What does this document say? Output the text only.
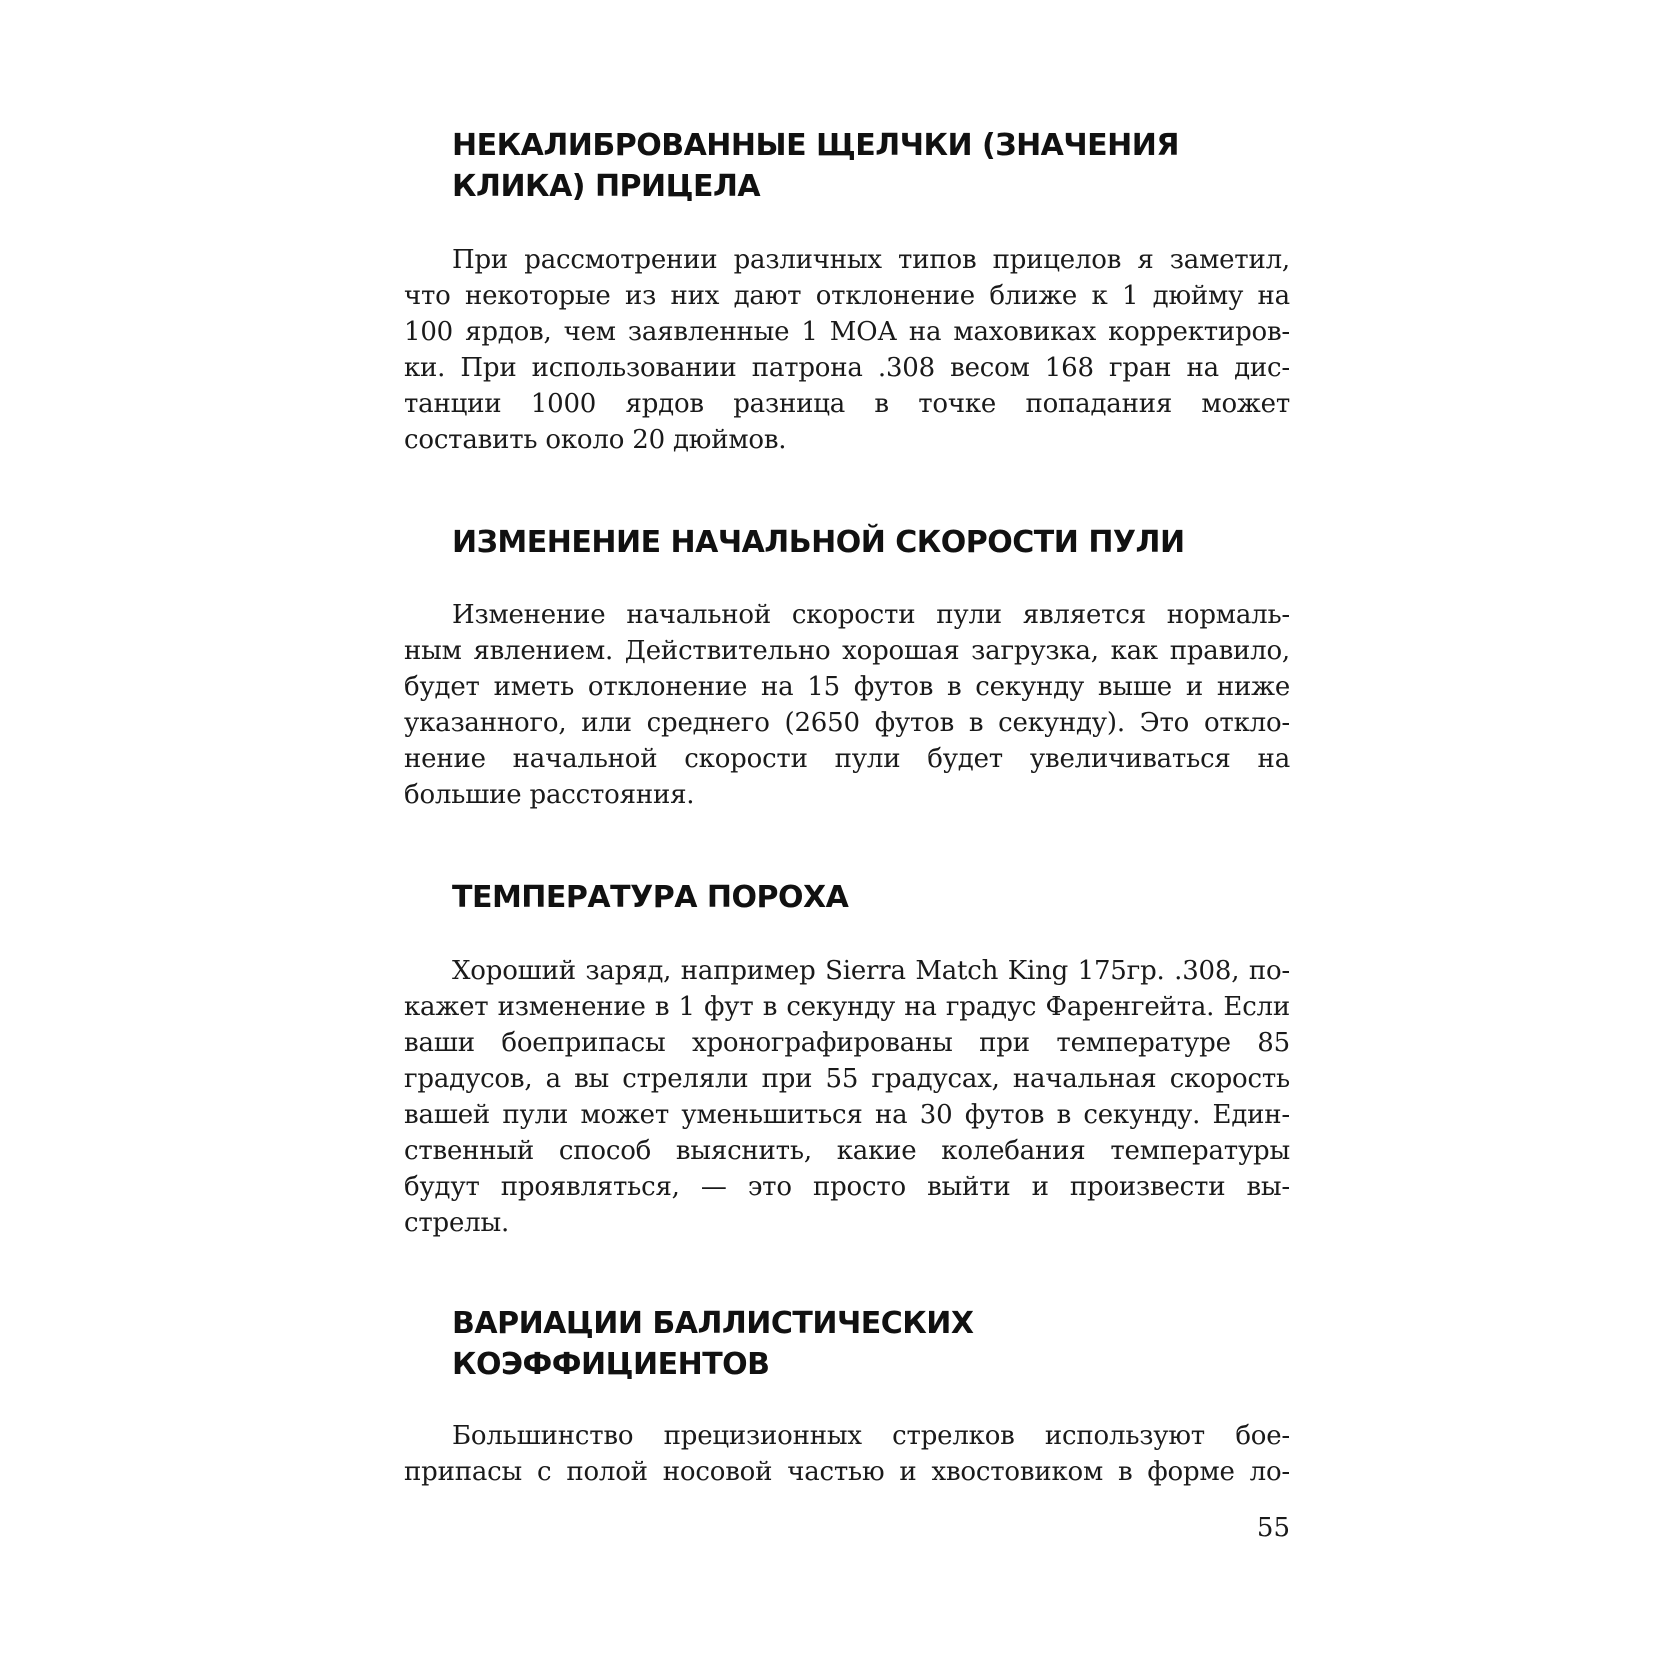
НЕКАЛИБРОВАННЫЕ ЩЕЛЧКИ (ЗНАЧЕНИЯ
КЛИКА) ПРИЦЕЛА

При рассмотрении различных типов прицелов я заметил,
что некоторые из них дают отклонение ближе к 1 дюйму на
100 ярдов, чем заявленные 1 МОА на маховиках корректиров-
ки. При использовании патрона .308 весом 168 гран на дис-
танции 1000 ярдов разница в точке попадания может
составить около 20 дюймов.

ИЗМЕНЕНИЕ НАЧАЛЬНОЙ СКОРОСТИ ПУЛИ

Изменение начальной скорости пули является нормаль-
ным явлением. Действительно хорошая загрузка, как правило,
будет иметь отклонение на 15 футов в секунду выше и ниже
указанного, или среднего (2650 футов в секунду). Это откло-
нение начальной скорости пули будет увеличиваться на
большие расстояния.

ТЕМПЕРАТУРА ПОРОХА

Хороший заряд, например Sierra Match King 175гр. .308, по-
кажет изменение в 1 фут в секунду на градус Фаренгейта. Если
ваши боеприпасы хронографированы при температуре 85
градусов, а вы стреляли при 55 градусах, начальная скорость
вашей пули может уменьшиться на 30 футов в секунду. Един-
ственный способ выяснить, какие колебания температуры
будут проявляться, — это просто выйти и произвести вы-
стрелы.

ВАРИАЦИИ БАЛЛИСТИЧЕСКИХ
КОЭФФИЦИЕНТОВ

Большинство прецизионных стрелков используют бое-
припасы с полой носовой частью и хвостовиком в форме ло-

55
